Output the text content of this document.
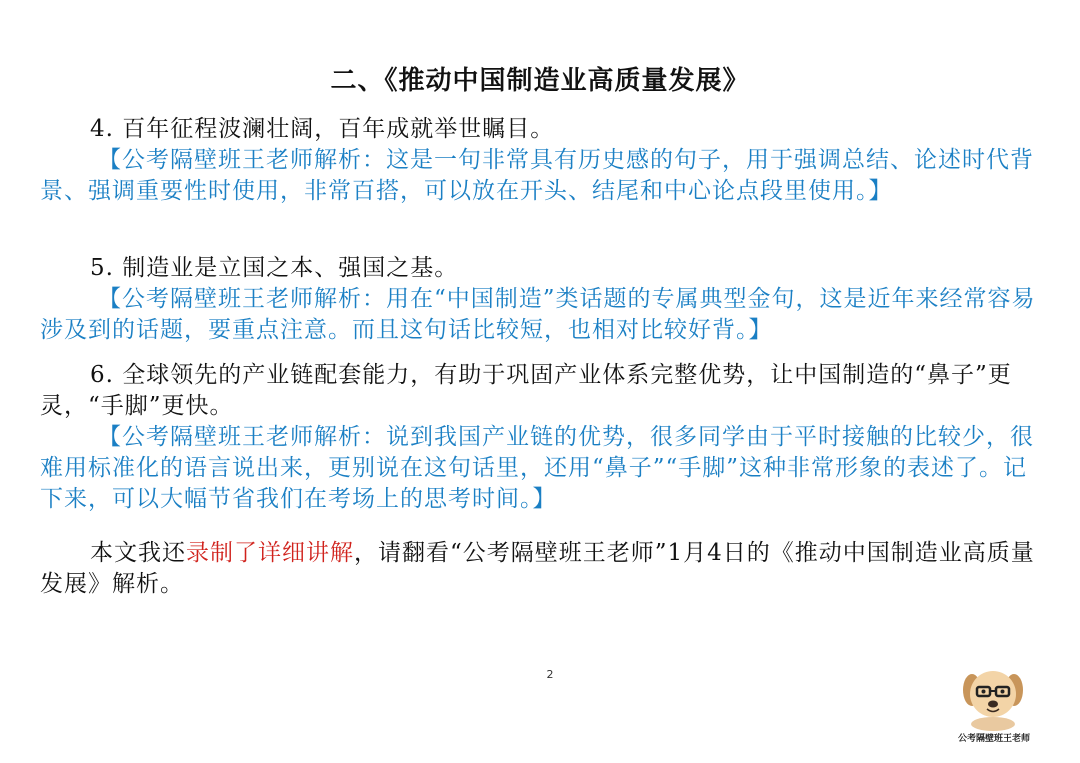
二、《推动中国制造业高质量发展》
4. 百年征程波澜壮阔，百年成就举世瞩目。
【公考隔壁班王老师解析：这是一句非常具有历史感的句子，用于强调总结、论述时代背景、强调重要性时使用，非常百搭，可以放在开头、结尾和中心论点段里使用。】
5. 制造业是立国之本、强国之基。
【公考隔壁班王老师解析：用在“中国制造”类话题的专属典型金句，这是近年来经常容易涉及到的话题，要重点注意。而且这句话比较短，也相对比较好背。】
6. 全球领先的产业链配套能力，有助于巩固产业体系完整优势，让中国制造的“鼻子”更灵，“手脚”更快。
【公考隔壁班王老师解析：说到我国产业链的优势，很多同学由于平时接触的比较少，很难用标准化的语言说出来，更别说在这句话里，还用“鼻子”“手脚”这种非常形象的表述了。记下来，可以大幅节省我们在考场上的思考时间。】
本文我还录制了详细讲解，请翻看“公考隔壁班王老师”1月4日的《推动中国制造业高质量发展》解析。
2
公考隔壁班王老师
